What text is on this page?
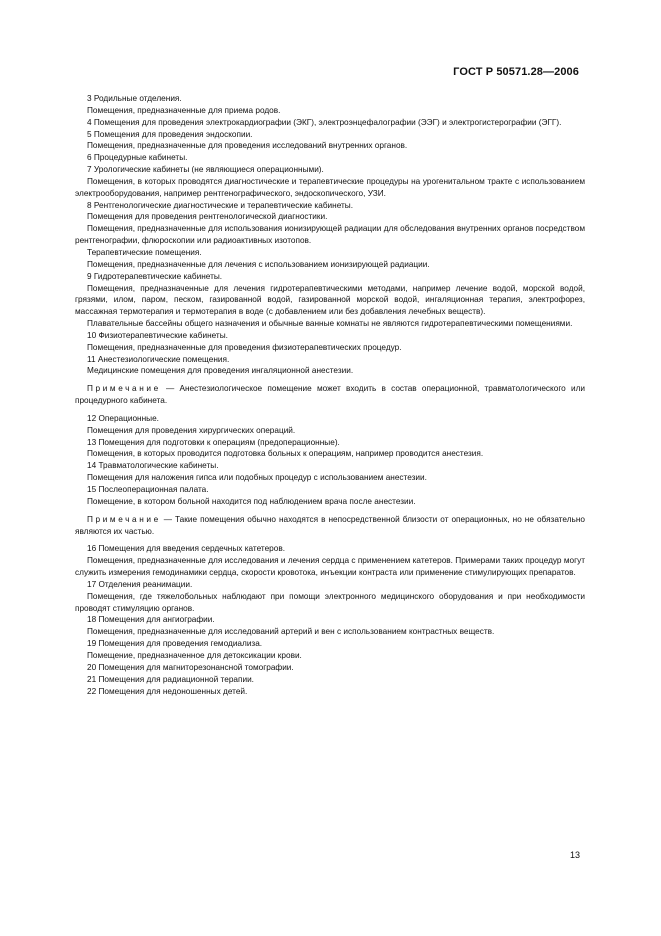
ГОСТ Р 50571.28—2006

3 Родильные отделения.

Помещения, предназначенные для приема родов.

4 Помещения для проведения электрокардиографии (ЭКГ), электроэнцефалографии (ЭЭГ) и электрогистерографии (ЭГГ).

5 Помещения для проведения эндоскопии.

Помещения, предназначенные для проведения исследований внутренних органов.

6 Процедурные кабинеты.

7 Урологические кабинеты (не являющиеся операционными).

Помещения, в которых проводятся диагностические и терапевтические процедуры на урогенитальном тракте с использованием электрооборудования, например рентгенографического, эндоскопического, УЗИ.

8 Рентгенологические диагностические и терапевтические кабинеты.

Помещения для проведения рентгенологической диагностики.

Помещения, предназначенные для использования ионизирующей радиации для обследования внутренних органов посредством рентгенографии, флюроскопии или радиоактивных изотопов.

Терапевтические помещения.

Помещения, предназначенные для лечения с использованием ионизирующей радиации.

9 Гидротерапевтические кабинеты.

Помещения, предназначенные для лечения гидротерапевтическими методами, например лечение водой, морской водой, грязями, илом, паром, песком, газированной водой, газированной морской водой, ингаляционная терапия, электрофорез, массажная термотерапия и термотерапия в воде (с добавлением или без добавления лечебных веществ).

Плавательные бассейны общего назначения и обычные ванные комнаты не являются гидротерапевтическими помещениями.

10 Физиотерапевтические кабинеты.

Помещения, предназначенные для проведения физиотерапевтических процедур.

11 Анестезиологические помещения.

Медицинские помещения для проведения ингаляционной анестезии.

Примечание — Анестезиологическое помещение может входить в состав операционной, травматологического или процедурного кабинета.

12 Операционные.

Помещения для проведения хирургических операций.

13 Помещения для подготовки к операциям (предоперационные).

Помещения, в которых проводится подготовка больных к операциям, например проводится анестезия.

14 Травматологические кабинеты.

Помещения для наложения гипса или подобных процедур с использованием анестезии.

15 Послеоперационная палата.

Помещение, в котором больной находится под наблюдением врача после анестезии.

Примечание — Такие помещения обычно находятся в непосредственной близости от операционных, но не обязательно являются их частью.

16 Помещения для введения сердечных катетеров.

Помещения, предназначенные для исследования и лечения сердца с применением катетеров. Примерами таких процедур могут служить измерения гемодинамики сердца, скорости кровотока, инъекции контраста или применение стимулирующих препаратов.

17 Отделения реанимации.

Помещения, где тяжелобольных наблюдают при помощи электронного медицинского оборудования и при необходимости проводят стимуляцию органов.

18 Помещения для ангиографии.

Помещения, предназначенные для исследований артерий и вен с использованием контрастных веществ.

19 Помещения для проведения гемодиализа.

Помещение, предназначенное для детоксикации крови.

20 Помещения для магниторезонансной томографии.

21 Помещения для радиационной терапии.

22 Помещения для недоношенных детей.

13
